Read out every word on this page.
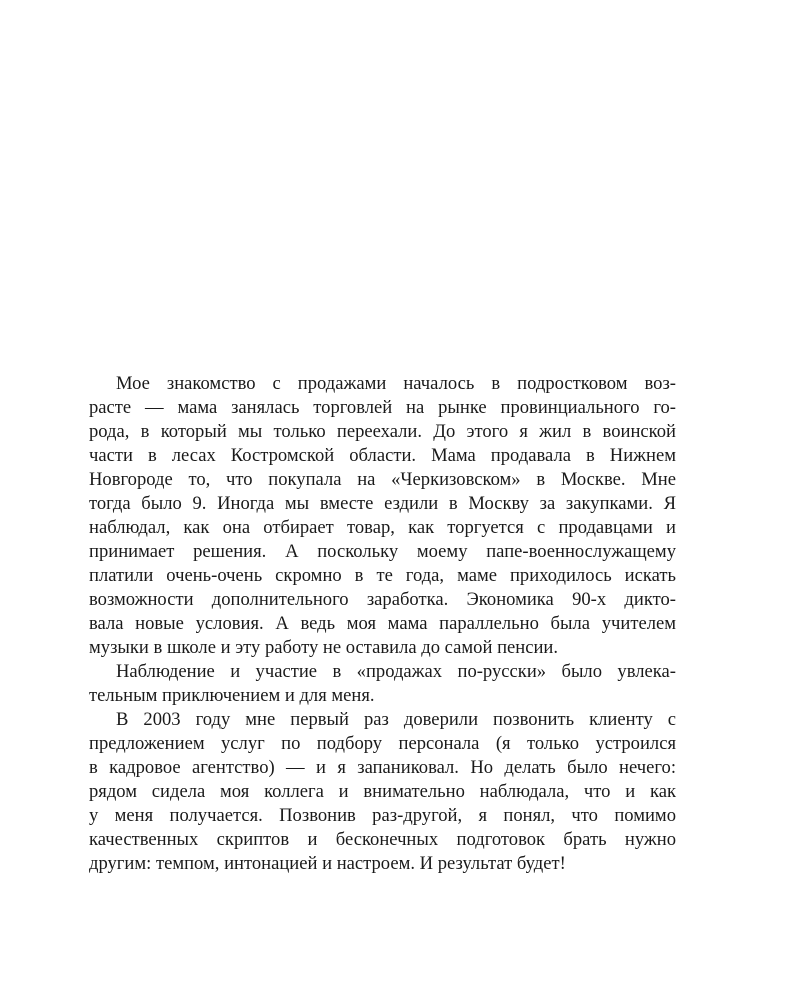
Мое знакомство с продажами началось в подростковом воз-
расте — мама занялась торговлей на рынке провинциального го-
рода, в который мы только переехали. До этого я жил в воинской
части в лесах Костромской области. Мама продавала в Нижнем
Новгороде то, что покупала на «Черкизовском» в Москве. Мне
тогда было 9. Иногда мы вместе ездили в Москву за закупками. Я
наблюдал, как она отбирает товар, как торгуется с продавцами и
принимает решения. А поскольку моему папе-военнослужащему
платили очень-очень скромно в те года, маме приходилось искать
возможности дополнительного заработка. Экономика 90-х дикто-
вала новые условия. А ведь моя мама параллельно была учителем
музыки в школе и эту работу не оставила до самой пенсии.
Наблюдение и участие в «продажах по-русски» было увлека-
тельным приключением и для меня.
В 2003 году мне первый раз доверили позвонить клиенту с
предложением услуг по подбору персонала (я только устроился
в кадровое агентство) — и я запаниковал. Но делать было нечего:
рядом сидела моя коллега и внимательно наблюдала, что и как
у меня получается. Позвонив раз-другой, я понял, что помимо
качественных скриптов и бесконечных подготовок брать нужно
другим: темпом, интонацией и настроем. И результат будет!
